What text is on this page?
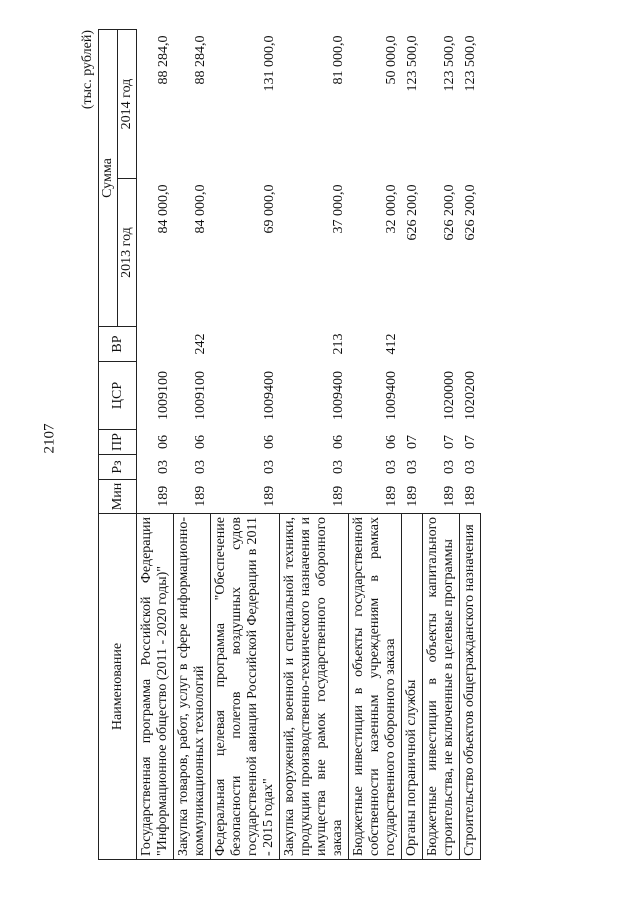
2107
(тыс. рублей)
Наименование	Мин	Рз	ПР	ЦСР	ВР	Сумма	
						2013 год	2014 год
Государственная программа Российской Федерации "Информационное общество (2011 - 2020 годы)"	189	03	06	1009100		84 000,0	88 284,0
Закупка товаров, работ, услуг в сфере информационно-коммуникационных технологий	189	03	06	1009100	242	84 000,0	88 284,0
Федеральная целевая программа "Обеспечение безопасности полетов воздушных судов государственной авиации Российской Федерации в 2011 - 2015 годах"	189	03	06	1009400		69 000,0	131 000,0
Закупка вооружений, военной и специальной техники, продукции производственно-технического назначения и имущества вне рамок государственного оборонного заказа	189	03	06	1009400	213	37 000,0	81 000,0
Бюджетные инвестиции в объекты государственной собственности казенным учреждениям в рамках государственного оборонного заказа	189	03	06	1009400	412	32 000,0	50 000,0
Органы пограничной службы	189	03	07			626 200,0	123 500,0
Бюджетные инвестиции в объекты капитального строительства, не включенные в целевые программы	189	03	07	1020000		626 200,0	123 500,0
Строительство объектов общегражданского назначения	189	03	07	1020200		626 200,0	123 500,0
